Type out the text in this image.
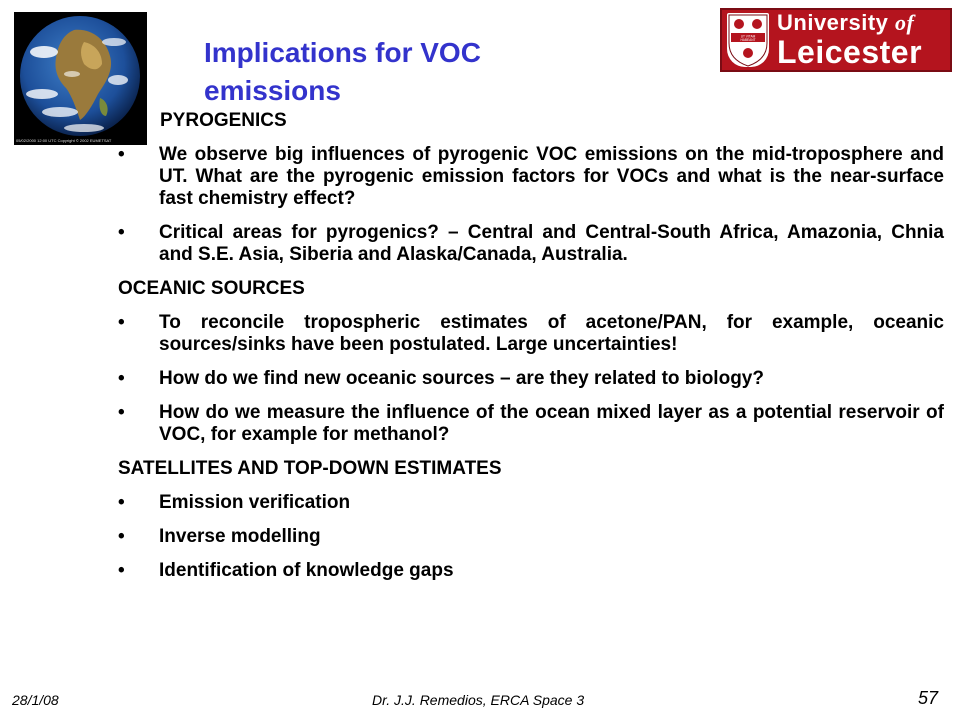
05/02/2000 12:00 UTC Copyright © 2002 EUMETSAT
Implications for VOC
emissions
UT VITAM
HABEANT
University of
Leicester

PYROGENICS

• We observe big influences of pyrogenic VOC emissions on the mid-troposphere and UT. What are the pyrogenic emission factors for VOCs and what is the near-surface fast chemistry effect?

• Critical areas for pyrogenics? – Central and Central-South Africa, Amazonia, Chnia and S.E. Asia, Siberia and Alaska/Canada, Australia.

OCEANIC SOURCES

• To reconcile tropospheric estimates of acetone/PAN, for example, oceanic sources/sinks have been postulated. Large uncertainties!

• How do we find new oceanic sources – are they related to biology?

• How do we measure the influence of the ocean mixed layer as a potential reservoir of VOC, for example for methanol?

SATELLITES AND TOP-DOWN ESTIMATES

• Emission verification

• Inverse modelling

• Identification of knowledge gaps

28/1/08	Dr. J.J. Remedios, ERCA Space 3	57
